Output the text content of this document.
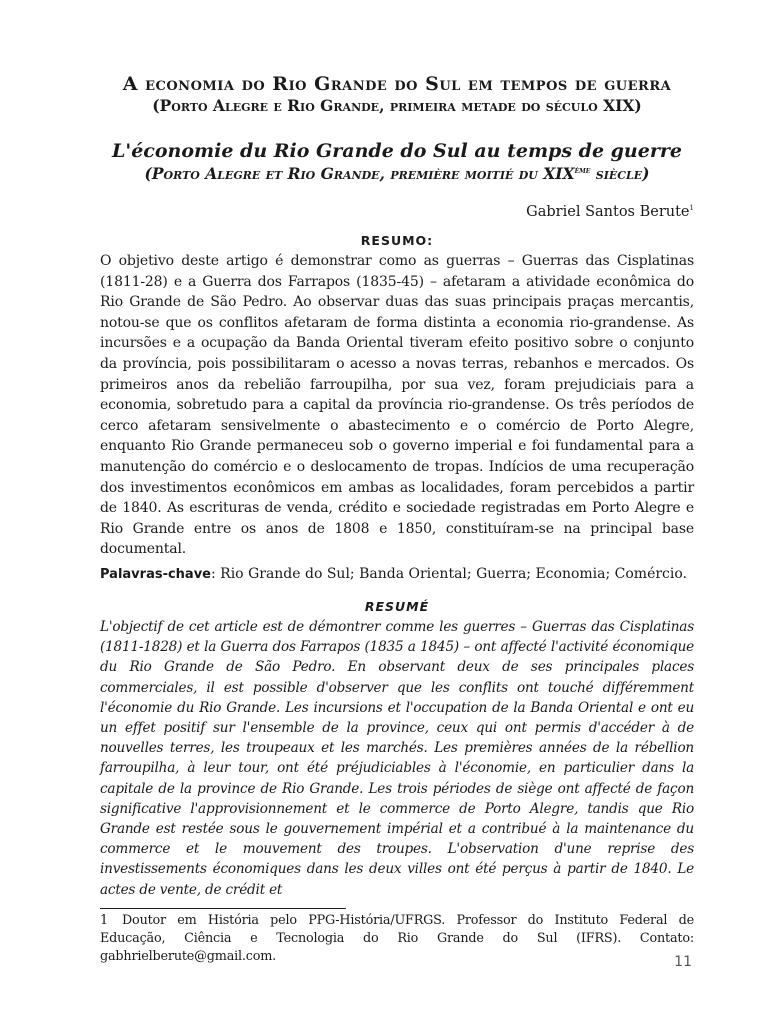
A economia do Rio Grande do Sul em tempos de guerra
(Porto Alegre e Rio Grande, primeira metade do século XIX)
L'économie du Rio Grande do Sul au temps de guerre
(Porto Alegre et Rio Grande, première moitié du XIXème siècle)
Gabriel Santos Berute$^1$
RESUMO:

O objetivo deste artigo é demonstrar como as guerras – Guerras das Cisplatinas (1811-28) e a Guerra dos Farrapos (1835-45) – afetaram a atividade econômica do Rio Grande de São Pedro. Ao observar duas das suas principais praças mercantis, notou-se que os conflitos afetaram de forma distinta a economia rio-grandense. As incursões e a ocupação da Banda Oriental tiveram efeito positivo sobre o conjunto da província, pois possibilitaram o acesso a novas terras, rebanhos e mercados. Os primeiros anos da rebelião farroupilha, por sua vez, foram prejudiciais para a economia, sobretudo para a capital da província rio-grandense. Os três períodos de cerco afetaram sensivelmente o abastecimento e o comércio de Porto Alegre, enquanto Rio Grande permaneceu sob o governo imperial e foi fundamental para a manutenção do comércio e o deslocamento de tropas. Indícios de uma recuperação dos investimentos econômicos em ambas as localidades, foram percebidos a partir de 1840. As escrituras de venda, crédito e sociedade registradas em Porto Alegre e Rio Grande entre os anos de 1808 e 1850, constituíram-se na principal base documental.

Palavras-chave: Rio Grande do Sul; Banda Oriental; Guerra; Economia; Comércio.
RESUMÉ

L'objectif de cet article est de démontrer comme les guerres – Guerras das Cisplatinas (1811-1828) et la Guerra dos Farrapos (1835 a 1845) – ont affecté l'activité économique du Rio Grande de São Pedro. En observant deux de ses principales places commerciales, il est possible d'observer que les conflits ont touché différemment l'économie du Rio Grande. Les incursions et l'occupation de la Banda Oriental e ont eu un effet positif sur l'ensemble de la province, ceux qui ont permis d'accéder à de nouvelles terres, les troupeaux et les marchés. Les premières années de la rébellion farroupilha, à leur tour, ont été préjudiciables à l'économie, en particulier dans la capitale de la province de Rio Grande. Les trois périodes de siège ont affecté de façon significative l'approvisionnement et le commerce de Porto Alegre, tandis que Rio Grande est restée sous le gouvernement impérial et a contribué à la maintenance du commerce et le mouvement des troupes. L'observation d'une reprise des investissements économiques dans les deux villes ont été perçus à partir de 1840. Le actes de vente, de crédit et

1 Doutor em História pelo PPG-História/UFRGS. Professor do Instituto Federal de Educação, Ciência e Tecnologia do Rio Grande do Sul (IFRS). Contato: gabhrielberute@gmail.com.	11
